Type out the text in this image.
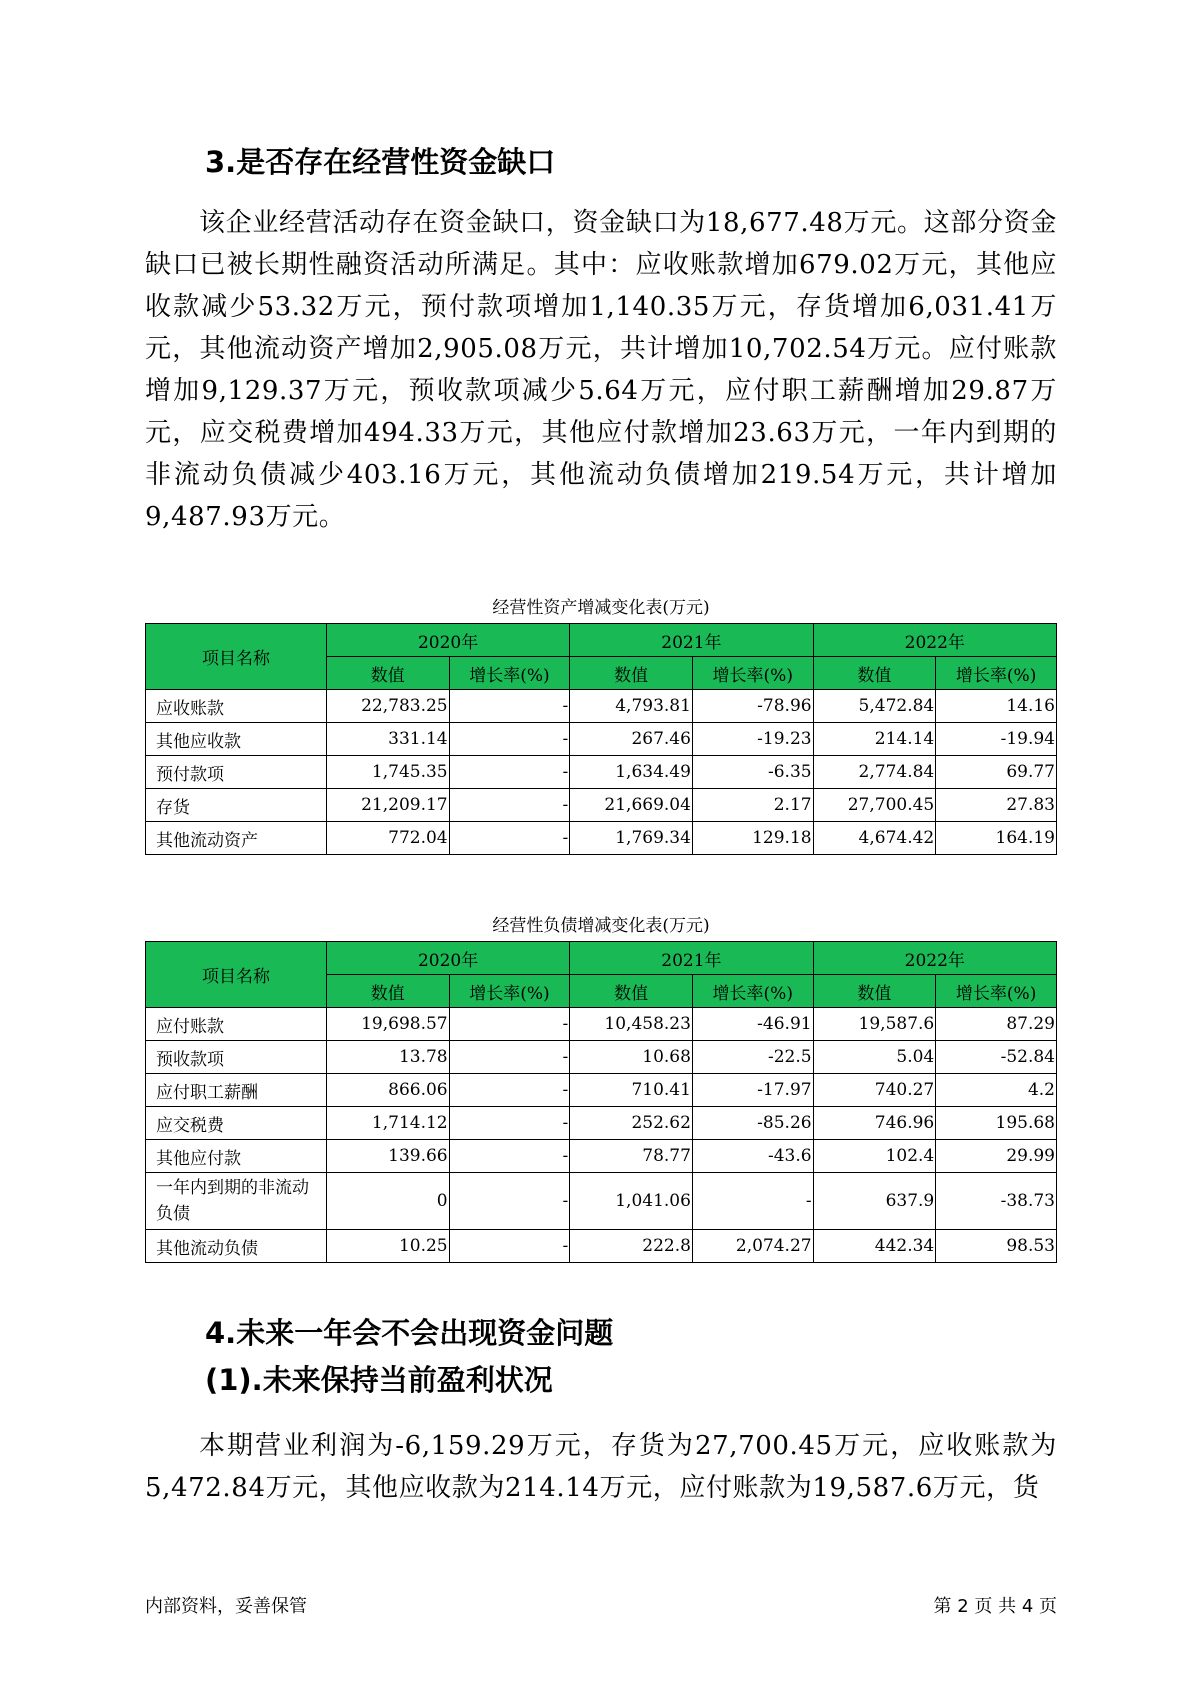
3.是否存在经营性资金缺口

该企业经营活动存在资金缺口，资金缺口为18,677.48万元。这部分资金缺口已被长期性融资活动所满足。其中：应收账款增加679.02万元，其他应收款减少53.32万元，预付款项增加1,140.35万元，存货增加6,031.41万元，其他流动资产增加2,905.08万元，共计增加10,702.54万元。应付账款增加9,129.37万元，预收款项减少5.64万元，应付职工薪酬增加29.87万元，应交税费增加494.33万元，其他应付款增加23.63万元，一年内到期的非流动负债减少403.16万元，其他流动负债增加219.54万元，共计增加9,487.93万元。

经营性资产增减变化表(万元)
项目名称	2020年		2021年		2022年	
	数值	增长率(%)	数值	增长率(%)	数值	增长率(%)
应收账款	22,783.25	-	4,793.81	-78.96	5,472.84	14.16
其他应收款	331.14	-	267.46	-19.23	214.14	-19.94
预付款项	1,745.35	-	1,634.49	-6.35	2,774.84	69.77
存货	21,209.17	-	21,669.04	2.17	27,700.45	27.83
其他流动资产	772.04	-	1,769.34	129.18	4,674.42	164.19
经营性负债增减变化表(万元)
项目名称	2020年		2021年		2022年	
	数值	增长率(%)	数值	增长率(%)	数值	增长率(%)
应付账款	19,698.57	-	10,458.23	-46.91	19,587.6	87.29
预收款项	13.78	-	10.68	-22.5	5.04	-52.84
应付职工薪酬	866.06	-	710.41	-17.97	740.27	4.2
应交税费	1,714.12	-	252.62	-85.26	746.96	195.68
其他应付款	139.66	-	78.77	-43.6	102.4	29.99
一年内到期的非流动负债	0	-	1,041.06	-	637.9	-38.73
其他流动负债	10.25	-	222.8	2,074.27	442.34	98.53
4.未来一年会不会出现资金问题
(1).未来保持当前盈利状况

本期营业利润为-6,159.29万元，存货为27,700.45万元，应收账款为5,472.84万元，其他应收款为214.14万元，应付账款为19,587.6万元，货

内部资料，妥善保管	第 2 页 共 4 页
